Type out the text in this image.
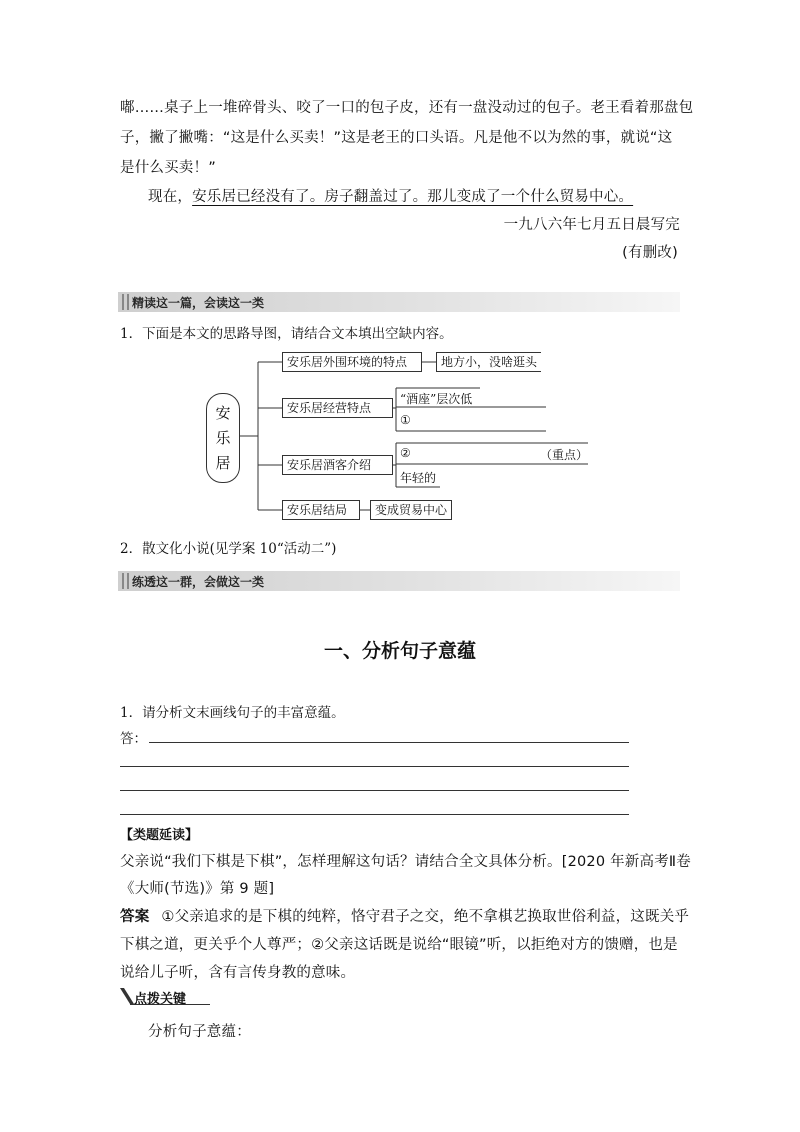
嘟……桌子上一堆碎骨头、咬了一口的包子皮，还有一盘没动过的包子。老王看着那盘包
子，撇了撇嘴：“这是什么买卖！”这是老王的口头语。凡是他不以为然的事，就说“这
是什么买卖！”
现在，安乐居已经没有了。房子翻盖过了。那儿变成了一个什么贸易中心。
一九八六年七月五日晨写完
(有删改)
精读这一篇，会读这一类
1．下面是本文的思路导图，请结合文本填出空缺内容。
安
乐
居
安乐居外围环境的特点	地方小，没啥逛头
安乐居经营特点
“酒座”层次低
①
安乐居酒客介绍
②	（重点）
年轻的
安乐居结局	变成贸易中心
2．散文化小说(见学案 10“活动二”)
练透这一群，会做这一类
一、分析句子意蕴
1．请分析文末画线句子的丰富意蕴。
答：
【类题延读】
父亲说“我们下棋是下棋”，怎样理解这句话？请结合全文具体分析。[2020 年新高考Ⅱ卷
《大师(节选)》第 9 题]
答案 ①父亲追求的是下棋的纯粹，恪守君子之交，绝不拿棋艺换取世俗利益，这既关乎
下棋之道，更关乎个人尊严；②父亲这话既是说给“眼镜”听，以拒绝对方的馈赠，也是
说给儿子听，含有言传身教的意味。
点拨关键
分析句子意蕴：
